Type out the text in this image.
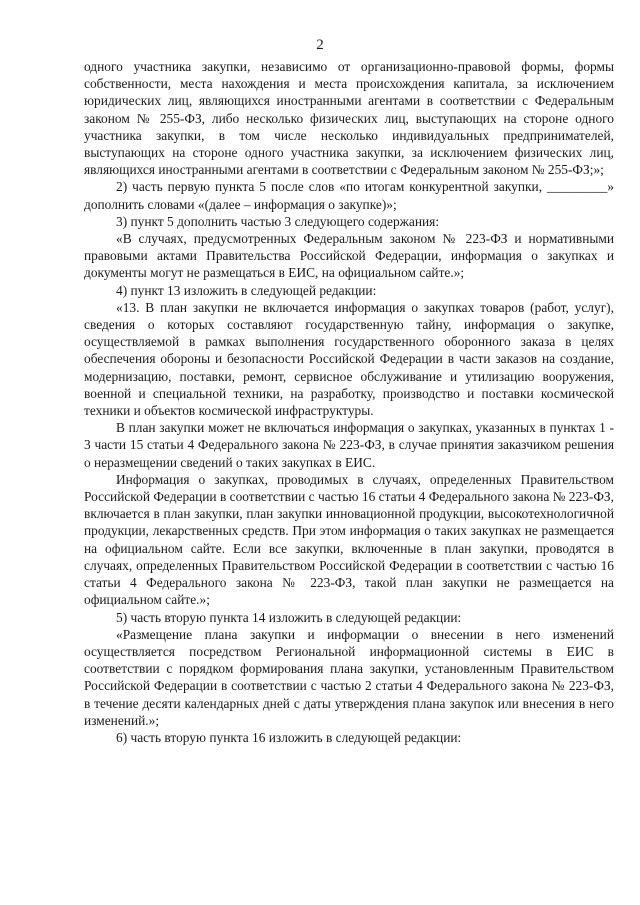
2

одного участника закупки, независимо от организационно-правовой формы, формы собственности, места нахождения и места происхождения капитала, за исключением юридических лиц, являющихся иностранными агентами в соответствии с Федеральным законом № 255-ФЗ, либо несколько физических лиц, выступающих на стороне одного участника закупки, в том числе несколько индивидуальных предпринимателей, выступающих на стороне одного участника закупки, за исключением физических лиц, являющихся иностранными агентами в соответствии с Федеральным законом № 255-ФЗ;»;

2) часть первую пункта 5 после слов «по итогам конкурентной закупки, _________» дополнить словами «(далее – информация о закупке)»;

3) пункт 5 дополнить частью 3 следующего содержания:

«В случаях, предусмотренных Федеральным законом № 223-ФЗ и нормативными правовыми актами Правительства Российской Федерации, информация о закупках и документы могут не размещаться в ЕИС, на официальном сайте.»;

4) пункт 13 изложить в следующей редакции:

«13. В план закупки не включается информация о закупках товаров (работ, услуг), сведения о которых составляют государственную тайну, информация о закупке, осуществляемой в рамках выполнения государственного оборонного заказа в целях обеспечения обороны и безопасности Российской Федерации в части заказов на создание, модернизацию, поставки, ремонт, сервисное обслуживание и утилизацию вооружения, военной и специальной техники, на разработку, производство и поставки космической техники и объектов космической инфраструктуры.

В план закупки может не включаться информация о закупках, указанных в пунктах 1 - 3 части 15 статьи 4 Федерального закона № 223-ФЗ, в случае принятия заказчиком решения о неразмещении сведений о таких закупках в ЕИС.

Информация о закупках, проводимых в случаях, определенных Правительством Российской Федерации в соответствии с частью 16 статьи 4 Федерального закона № 223-ФЗ, включается в план закупки, план закупки инновационной продукции, высокотехнологичной продукции, лекарственных средств. При этом информация о таких закупках не размещается на официальном сайте. Если все закупки, включенные в план закупки, проводятся в случаях, определенных Правительством Российской Федерации в соответствии с частью 16 статьи 4 Федерального закона № 223-ФЗ, такой план закупки не размещается на официальном сайте.»;

5) часть вторую пункта 14 изложить в следующей редакции:

«Размещение плана закупки и информации о внесении в него изменений осуществляется посредством Региональной информационной системы в ЕИС в соответствии с порядком формирования плана закупки, установленным Правительством Российской Федерации в соответствии с частью 2 статьи 4 Федерального закона № 223-ФЗ, в течение десяти календарных дней с даты утверждения плана закупок или внесения в него изменений.»;

6) часть вторую пункта 16 изложить в следующей редакции:
